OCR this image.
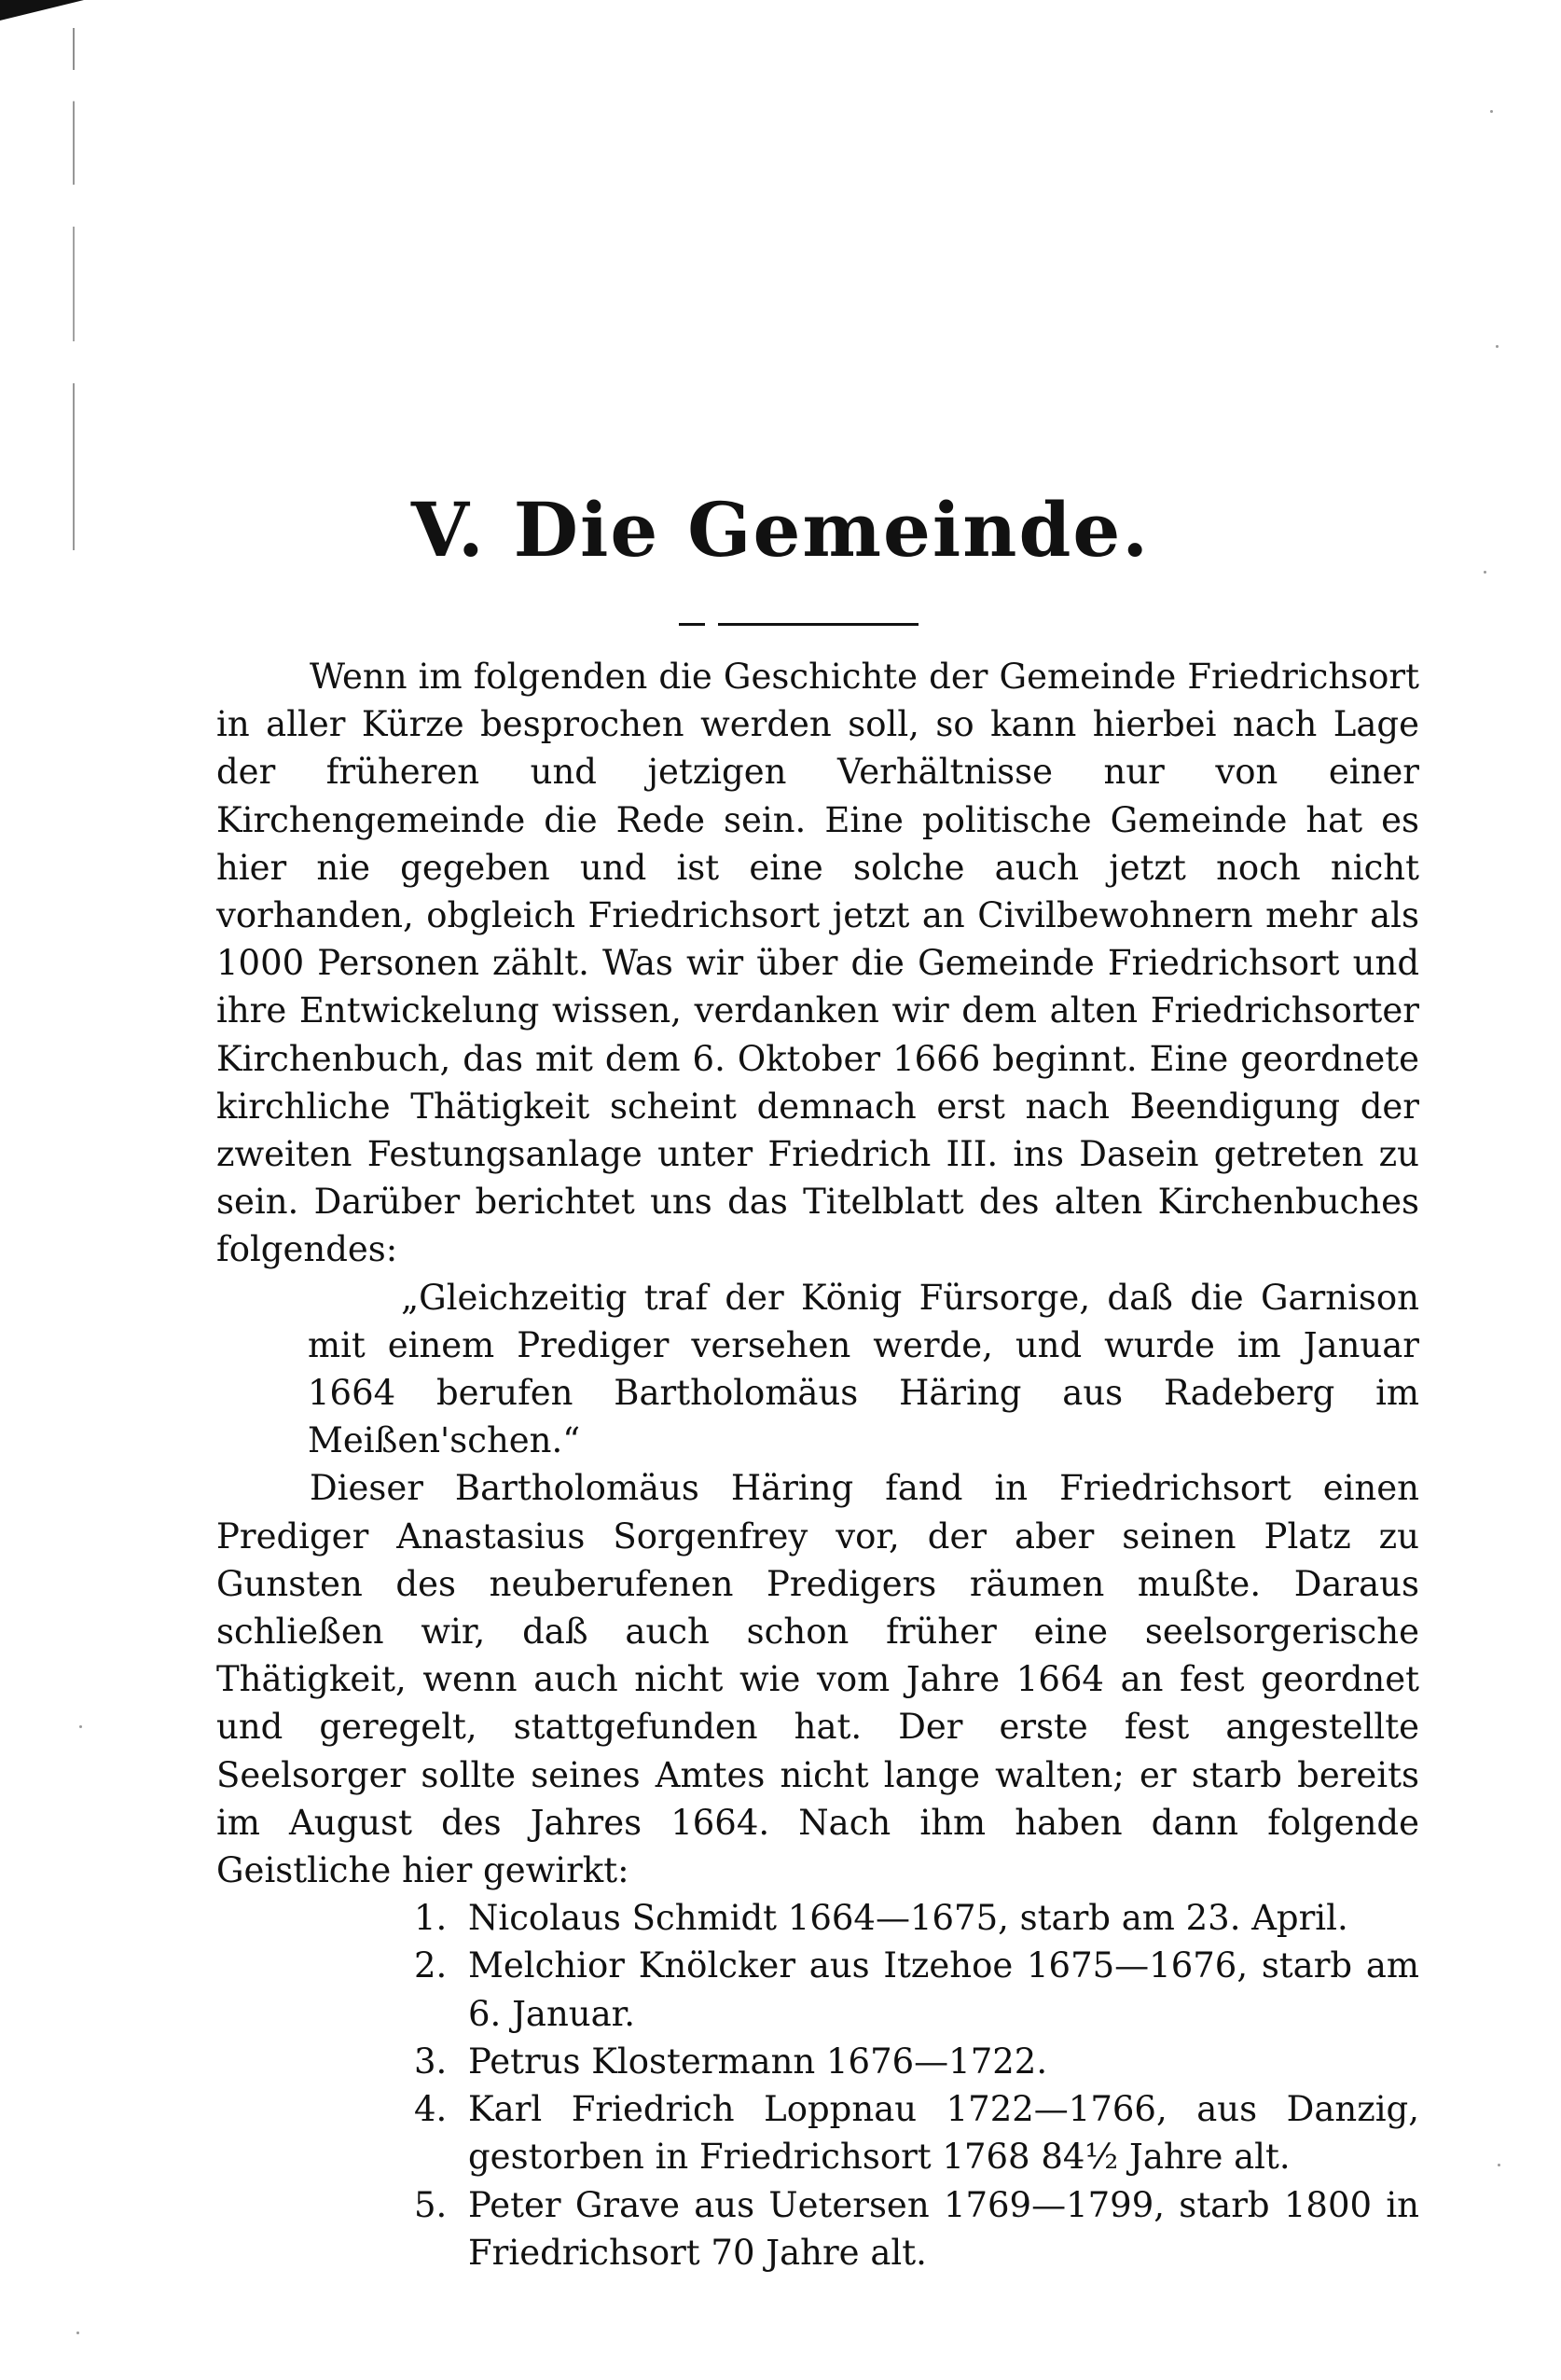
V. Die Gemeinde.

Wenn im folgenden die Geschichte der Gemeinde Friedrichsort in aller Kürze besprochen werden soll, so kann hierbei nach Lage der früheren und jetzigen Verhältnisse nur von einer Kirchengemeinde die Rede sein. Eine politische Gemeinde hat es hier nie gegeben und ist eine solche auch jetzt noch nicht vorhanden, obgleich Friedrichsort jetzt an Civilbewohnern mehr als 1000 Personen zählt. Was wir über die Gemeinde Friedrichsort und ihre Entwickelung wissen, verdanken wir dem alten Friedrichsorter Kirchenbuch, das mit dem 6. Oktober 1666 beginnt. Eine geordnete kirchliche Thätigkeit scheint demnach erst nach Beendigung der zweiten Festungsanlage unter Friedrich III. ins Dasein getreten zu sein. Darüber berichtet uns das Titelblatt des alten Kirchenbuches folgendes:

„Gleichzeitig traf der König Fürsorge, daß die Garnison mit einem Prediger versehen werde, und wurde im Januar 1664 berufen Bartholomäus Häring aus Radeberg im Meißen'schen.“

Dieser Bartholomäus Häring fand in Friedrichsort einen Prediger Anastasius Sorgenfrey vor, der aber seinen Platz zu Gunsten des neuberufenen Predigers räumen mußte. Daraus schließen wir, daß auch schon früher eine seelsorgerische Thätigkeit, wenn auch nicht wie vom Jahre 1664 an fest geordnet und geregelt, stattgefunden hat. Der erste fest angestellte Seelsorger sollte seines Amtes nicht lange walten; er starb bereits im August des Jahres 1664. Nach ihm haben dann folgende Geistliche hier gewirkt:

1. Nicolaus Schmidt 1664—1675, starb am 23. April.
2. Melchior Knölcker aus Itzehoe 1675—1676, starb am 6. Januar.
3. Petrus Klostermann 1676—1722.
4. Karl Friedrich Loppnau 1722—1766, aus Danzig, gestorben in Friedrichsort 1768 84½ Jahre alt.
5. Peter Grave aus Uetersen 1769—1799, starb 1800 in Friedrichsort 70 Jahre alt.
